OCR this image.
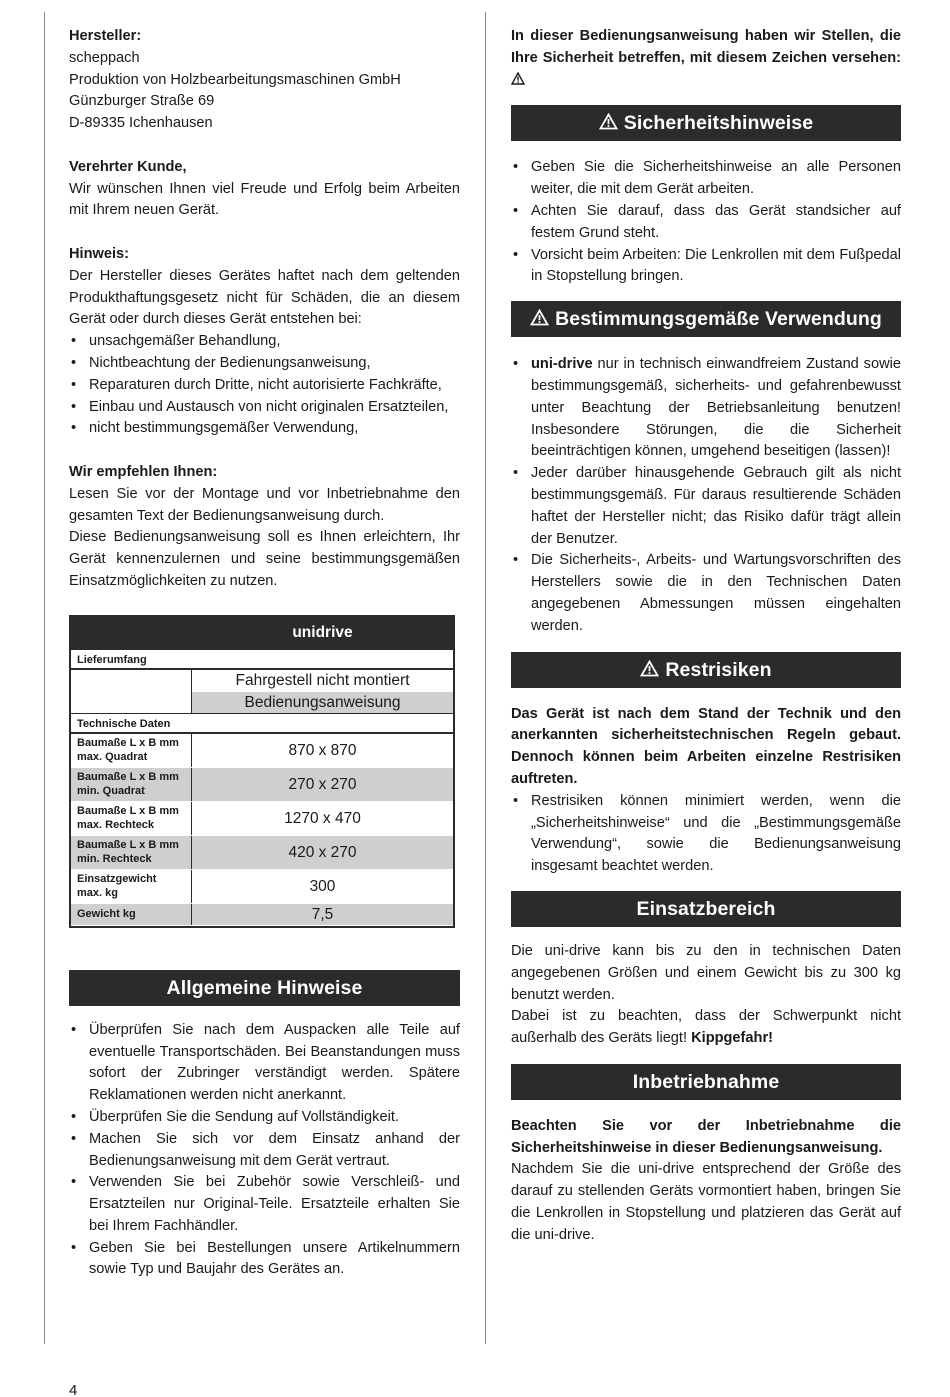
Hersteller:

scheppach

Produktion von Holzbearbeitungsmaschinen GmbH

Günzburger Straße 69

D-89335 Ichenhausen

Verehrter Kunde,

Wir wünschen Ihnen viel Freude und Erfolg beim Arbeiten mit Ihrem neuen Gerät.

Hinweis:

Der Hersteller dieses Gerätes haftet nach dem geltenden Produkthaftungsgesetz nicht für Schäden, die an diesem Gerät oder durch dieses Gerät entstehen bei:

• unsachgemäßer Behandlung,
• Nichtbeachtung der Bedienungsanweisung,
• Reparaturen durch Dritte, nicht autorisierte Fachkräfte,
• Einbau und Austausch von nicht originalen Ersatzteilen,
• nicht bestimmungsgemäßer Verwendung,

Wir empfehlen Ihnen:

Lesen Sie vor der Montage und vor Inbetriebnahme den gesamten Text der Bedienungsanweisung durch.

Diese Bedienungsanweisung soll es Ihnen erleichtern, Ihr Gerät kennenzulernen und seine bestimmungsgemäßen Einsatzmöglichkeiten zu nutzen.

unidrive
Lieferumfang
Fahrgestell nicht montiert
Bedienungsanweisung
Technische Daten
Baumaße L x B mm
max. Quadrat	870 x 870
Baumaße L x B mm
min. Quadrat	270 x 270
Baumaße L x B mm
max. Rechteck	1270 x 470
Baumaße L x B mm
min. Rechteck	420 x 270
Einsatzgewicht
max. kg	300
Gewicht kg	7,5
Allgemeine Hinweise
• Überprüfen Sie nach dem Auspacken alle Teile auf eventuelle Transportschäden. Bei Beanstandungen muss sofort der Zubringer verständigt werden. Spätere Reklamationen werden nicht anerkannt.
• Überprüfen Sie die Sendung auf Vollständigkeit.
• Machen Sie sich vor dem Einsatz anhand der Bedienungsanweisung mit dem Gerät vertraut.
• Verwenden Sie bei Zubehör sowie Verschleiß- und Ersatzteilen nur Original-Teile. Ersatzteile erhalten Sie bei Ihrem Fachhändler.
• Geben Sie bei Bestellungen unsere Artikelnummern sowie Typ und Baujahr des Gerätes an.

In dieser Bedienungsanweisung haben wir Stellen, die Ihre Sicherheit betreffen, mit diesem Zeichen versehen:

Sicherheitshinweise
• Geben Sie die Sicherheitshinweise an alle Personen weiter, die mit dem Gerät arbeiten.
• Achten Sie darauf, dass das Gerät standsicher auf festem Grund steht.
• Vorsicht beim Arbeiten: Die Lenkrollen mit dem Fußpedal in Stopstellung bringen.
Bestimmungsgemäße Verwendung
• uni-drive nur in technisch einwandfreiem Zustand sowie bestimmungsgemäß, sicherheits- und gefahrenbewusst unter Beachtung der Betriebsanleitung benutzen! Insbesondere Störungen, die die Sicherheit beeinträchtigen können, umgehend beseitigen (lassen)!
• Jeder darüber hinausgehende Gebrauch gilt als nicht bestimmungsgemäß. Für daraus resultierende Schäden haftet der Hersteller nicht; das Risiko dafür trägt allein der Benutzer.
• Die Sicherheits-, Arbeits- und Wartungsvorschriften des Herstellers sowie die in den Technischen Daten angegebenen Abmessungen müssen eingehalten werden.
Restrisiken

Das Gerät ist nach dem Stand der Technik und den anerkannten sicherheitstechnischen Regeln gebaut. Dennoch können beim Arbeiten einzelne Restrisiken auftreten.

• Restrisiken können minimiert werden, wenn die „Sicherheitshinweise“ und die „Bestimmungsgemäße Verwendung“, sowie die Bedienungsanweisung insgesamt beachtet werden.
Einsatzbereich

Die uni-drive kann bis zu den in technischen Daten angegebenen Größen und einem Gewicht bis zu 300 kg benutzt werden.

Dabei ist zu beachten, dass der Schwerpunkt nicht außerhalb des Geräts liegt! Kippgefahr!

Inbetriebnahme

Beachten Sie vor der Inbetriebnahme die Sicherheitshinweise in dieser Bedienungsanweisung.

Nachdem Sie die uni-drive entsprechend der Größe des darauf zu stellenden Geräts vormontiert haben, bringen Sie die Lenkrollen in Stopstellung und platzieren das Gerät auf die uni-drive.

4
